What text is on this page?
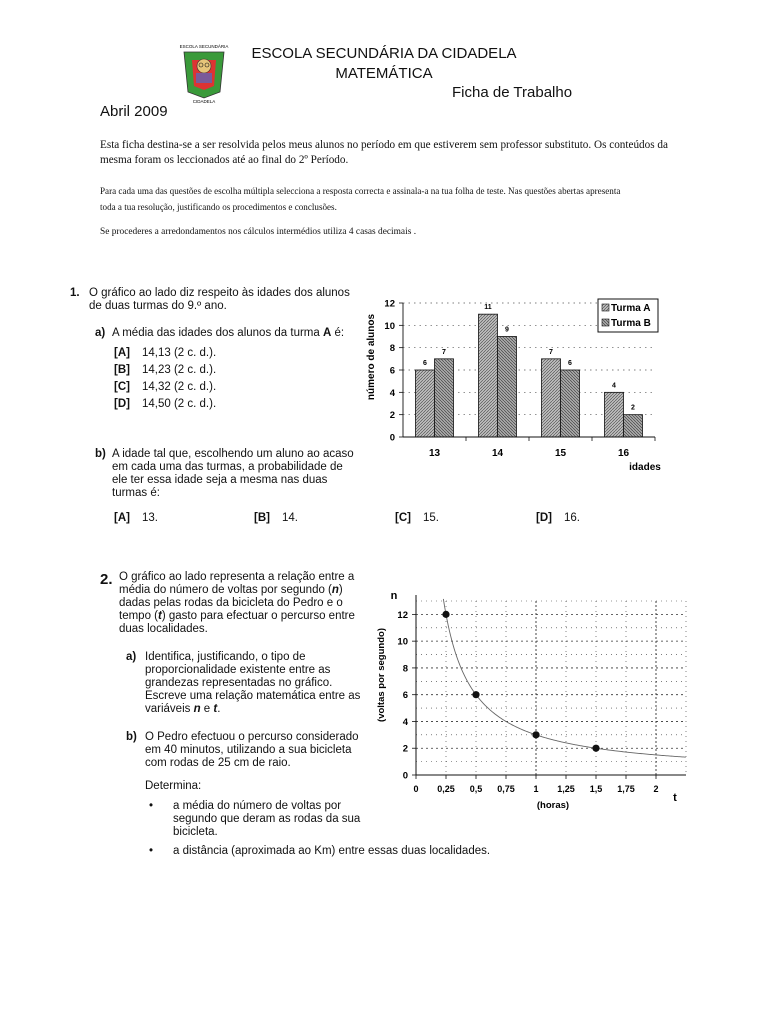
ESCOLA SECUNDÁRIA
CIDADELA
ESCOLA SECUNDÁRIA DA CIDADELA
MATEMÁTICA
Ficha de Trabalho
Abril 2009
Esta ficha destina-se a ser resolvida pelos meus alunos no período em que estiverem sem professor substituto. Os conteúdos da
mesma foram os leccionados até ao final do 2º Período.
Para cada uma das questões de escolha múltipla selecciona a resposta correcta e assinala-a na tua folha de teste. Nas questões abertas apresenta
toda a tua resolução, justificando os procedimentos e conclusões.
Se procederes a arredondamentos nos cálculos intermédios utiliza 4 casas decimais .
1. O gráfico ao lado diz respeito às idades dos alunos
de duas turmas do 9.º ano.
a) A média das idades dos alunos da turma A é:
[A]	14,13 (2 c. d.).
[B]	14,23 (2 c. d.).
[C]	14,32 (2 c. d.).
[D]	14,50 (2 c. d.).
b) A idade tal que, escolhendo um aluno ao acaso
em cada uma das turmas, a probabilidade de
ele ter essa idade seja a mesma nas duas
turmas é:
[A]	13.	[B]	14.	[C]	15.	[D]	16.
6
7
11
9
7
6
4
2
0
2
4
6
8
10
12
13	14	15	16
número de alunos
idades
Turma A
Turma B
2. O gráfico ao lado representa a relação entre a
média do número de voltas por segundo (n)
dadas pelas rodas da bicicleta do Pedro e o
tempo (t) gasto para efectuar o percurso entre
duas localidades.
a) Identifica, justificando, o tipo de
proporcionalidade existente entre as
grandezas representadas no gráfico.
Escreve uma relação matemática entre as
variáveis n e t.
b) O Pedro efectuou o percurso considerado
em 40 minutos, utilizando a sua bicicleta
com rodas de 25 cm de raio.
Determina:
• a média do número de voltas por
segundo que deram as rodas da sua
bicicleta.
• a distância (aproximada ao Km) entre essas duas localidades.
0
2
4
6
8
10
12
0 0,25 0,5 0,75 1 1,25 1,5 1,75 2
n
(voltas por segundo)
t
(horas)
